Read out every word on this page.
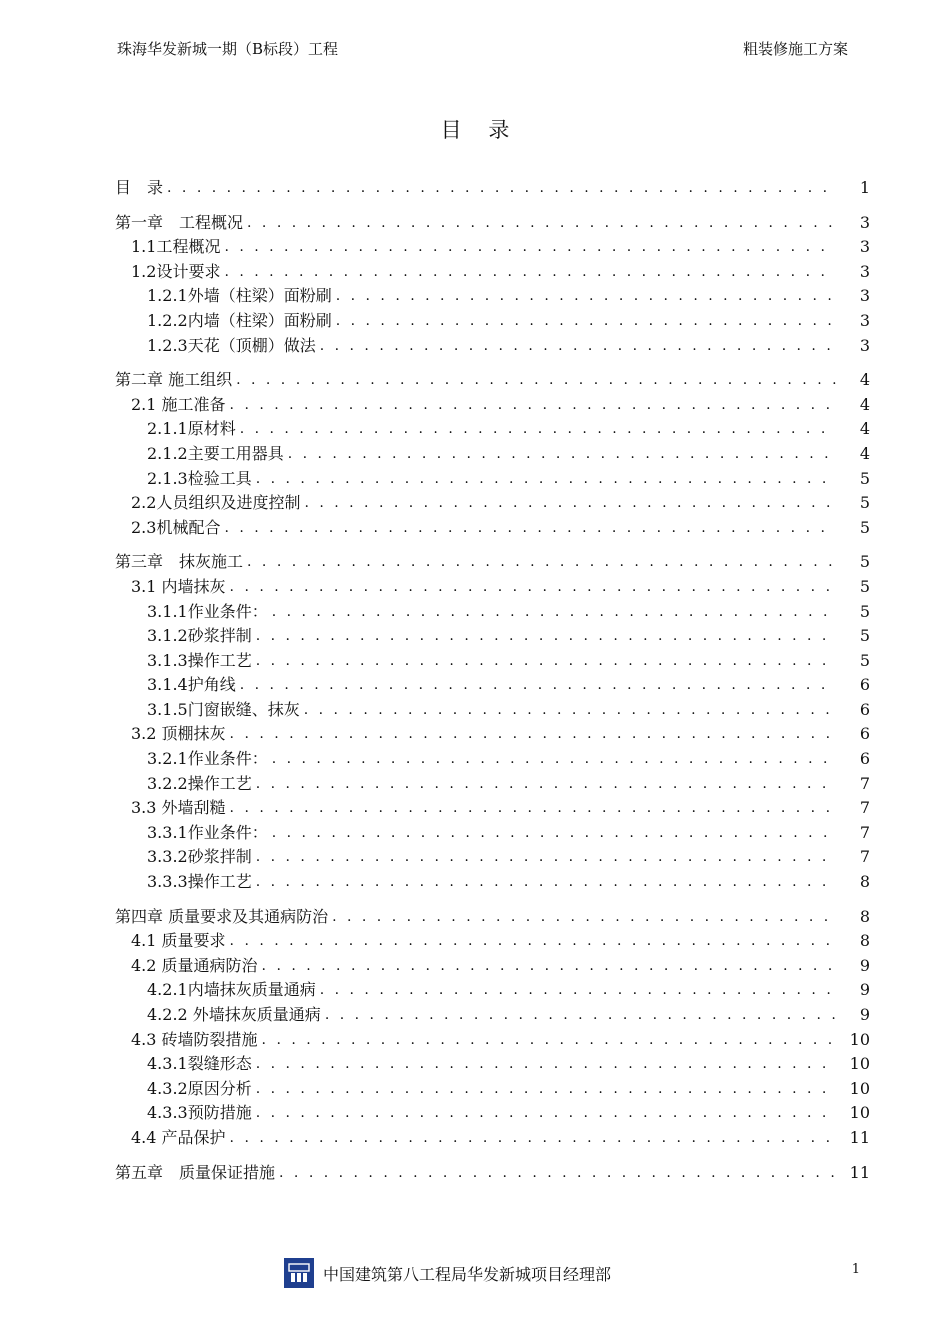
珠海华发新城一期（B标段）工程	粗装修施工方案
目 录
目　录 . . .	1
第一章　工程概况 . . .	3
1.1工程概况 . . .	3
1.2设计要求 . . .	3
1.2.1外墙（柱梁）面粉刷 . . .	3
1.2.2内墙（柱梁）面粉刷 . . .	3
1.2.3天花（顶棚）做法 . . .	3
第二章 施工组织 . . .	4
2.1 施工准备 . . .	4
2.1.1原材料 . . .	4
2.1.2主要工用器具 . . .	4
2.1.3检验工具 . . .	5
2.2人员组织及进度控制 . . .	5
2.3机械配合 . . .	5
第三章　抹灰施工 . . .	5
3.1 内墙抹灰 . . .	5
3.1.1作业条件： . . .	5
3.1.2砂浆拌制 . . .	5
3.1.3操作工艺 . . .	5
3.1.4护角线 . . .	6
3.1.5门窗嵌缝、抹灰 . . .	6
3.2 顶棚抹灰 . . .	6
3.2.1作业条件： . . .	6
3.2.2操作工艺 . . .	7
3.3 外墙刮糙 . . .	7
3.3.1作业条件： . . .	7
3.3.2砂浆拌制 . . .	7
3.3.3操作工艺 . . .	8
第四章 质量要求及其通病防治 . . .	8
4.1 质量要求 . . .	8
4.2 质量通病防治 . . .	9
4.2.1内墙抹灰质量通病 . . .	9
4.2.2 外墙抹灰质量通病 . . .	9
4.3 砖墙防裂措施 . . .	10
4.3.1裂缝形态 . . .	10
4.3.2原因分析 . . .	10
4.3.3预防措施 . . .	10
4.4 产品保护 . . .	11
第五章　质量保证措施 . . .	11
中国建筑第八工程局华发新城项目经理部	1
